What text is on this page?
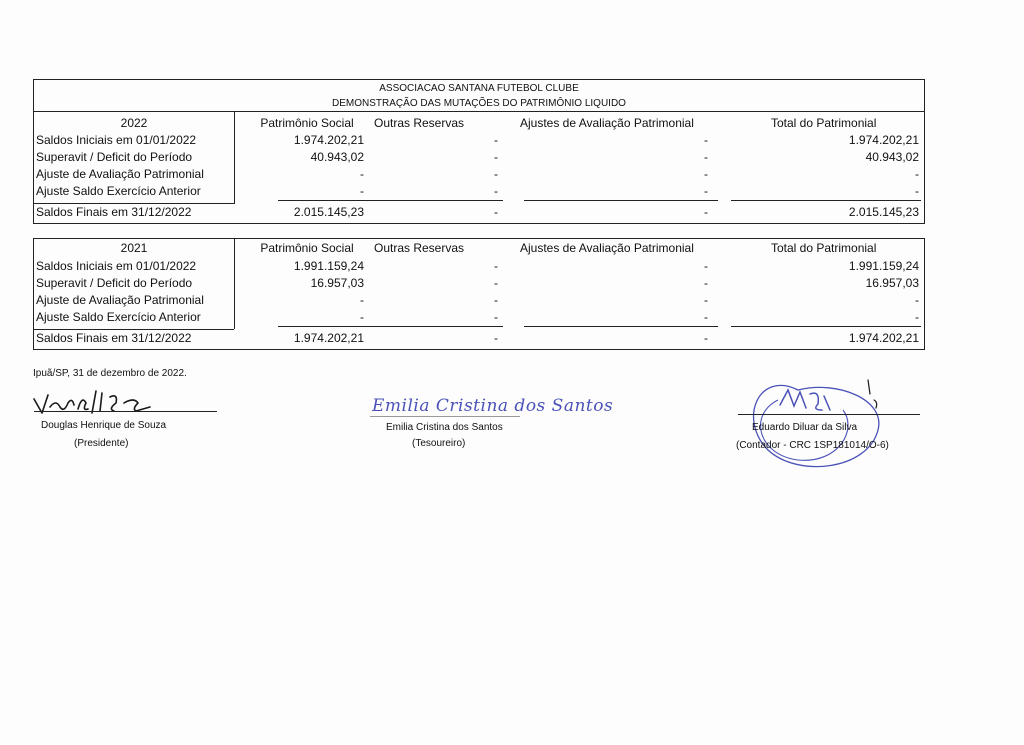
ASSOCIACAO SANTANA FUTEBOL CLUBE
DEMONSTRAÇÃO DAS MUTAÇÕES DO PATRIMÔNIO LIQUIDO
2022	Patrimônio Social	Outras Reservas	Ajustes de Avaliação Patrimonial	Total do Patrimonial
Saldos Iniciais em 01/01/2022	1.974.202,21	-	-	1.974.202,21
Superavit / Deficit do Período	40.943,02	-	-	40.943,02
Ajuste de Avaliação Patrimonial	-	-	-	-
Ajuste Saldo Exercício Anterior	-	-	-	-
Saldos Finais em 31/12/2022	2.015.145,23	-	-	2.015.145,23
2021	Patrimônio Social	Outras Reservas	Ajustes de Avaliação Patrimonial	Total do Patrimonial
Saldos Iniciais em 01/01/2022	1.991.159,24	-	-	1.991.159,24
Superavit / Deficit do Período	16.957,03	-	-	16.957,03
Ajuste de Avaliação Patrimonial	-	-	-	-
Ajuste Saldo Exercício Anterior	-	-	-	-
Saldos Finais em 31/12/2022	1.974.202,21	-	-	1.974.202,21
Ipuã/SP, 31 de dezembro de 2022.
Douglas Henrique de Souza
(Presidente)
Emilia Cristina dos Santos
Emilia Cristina dos Santos
(Tesoureiro)
Eduardo Diluar da Silva
(Contador - CRC 1SP181014/O-6)
